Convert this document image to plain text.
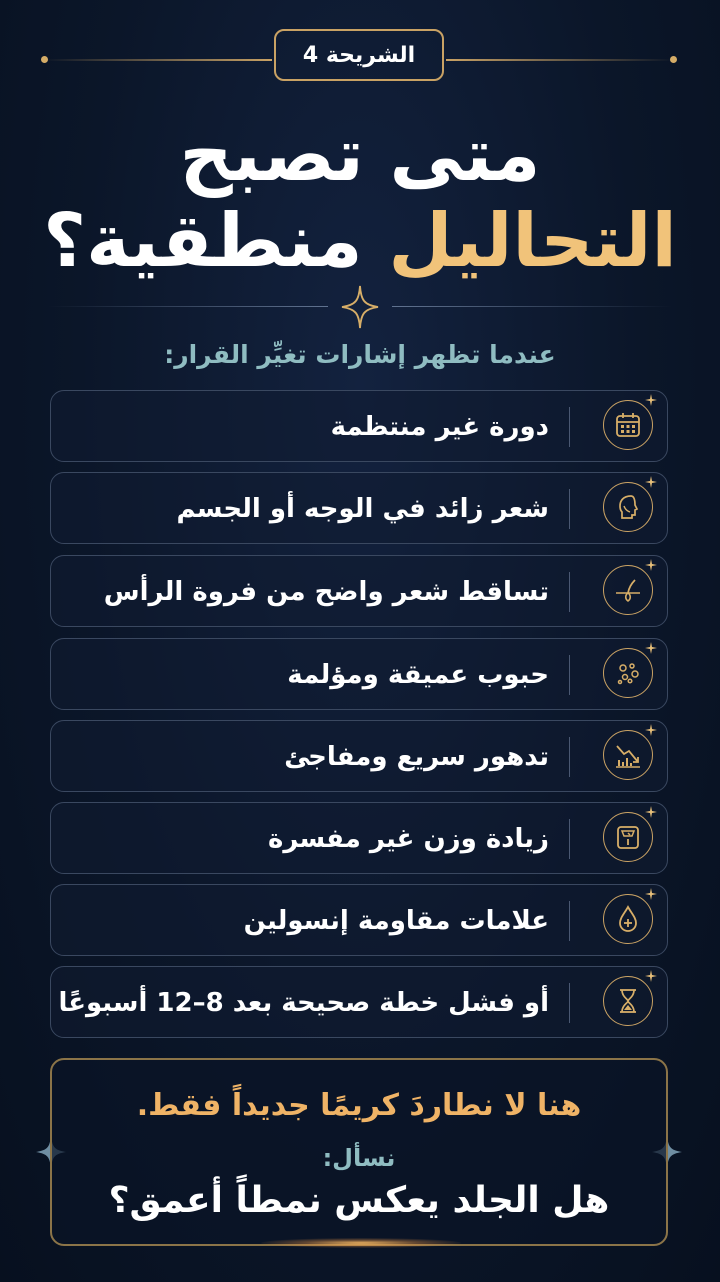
الشريحة 4
متى تصبح
التحاليل منطقية؟
عندما تظهر إشارات تغيِّر القرار:
دورة غير منتظمة
شعر زائد في الوجه أو الجسم
تساقط شعر واضح من فروة الرأس
حبوب عميقة ومؤلمة
تدهور سريع ومفاجئ
زيادة وزن غير مفسرة
علامات مقاومة إنسولين
أو فشل خطة صحيحة بعد 8–12 أسبوعًا
هنا لا نطاردَ كريمًا جديداً فقط.
نسأل:
هل الجلد يعكس نمطاً أعمق؟
